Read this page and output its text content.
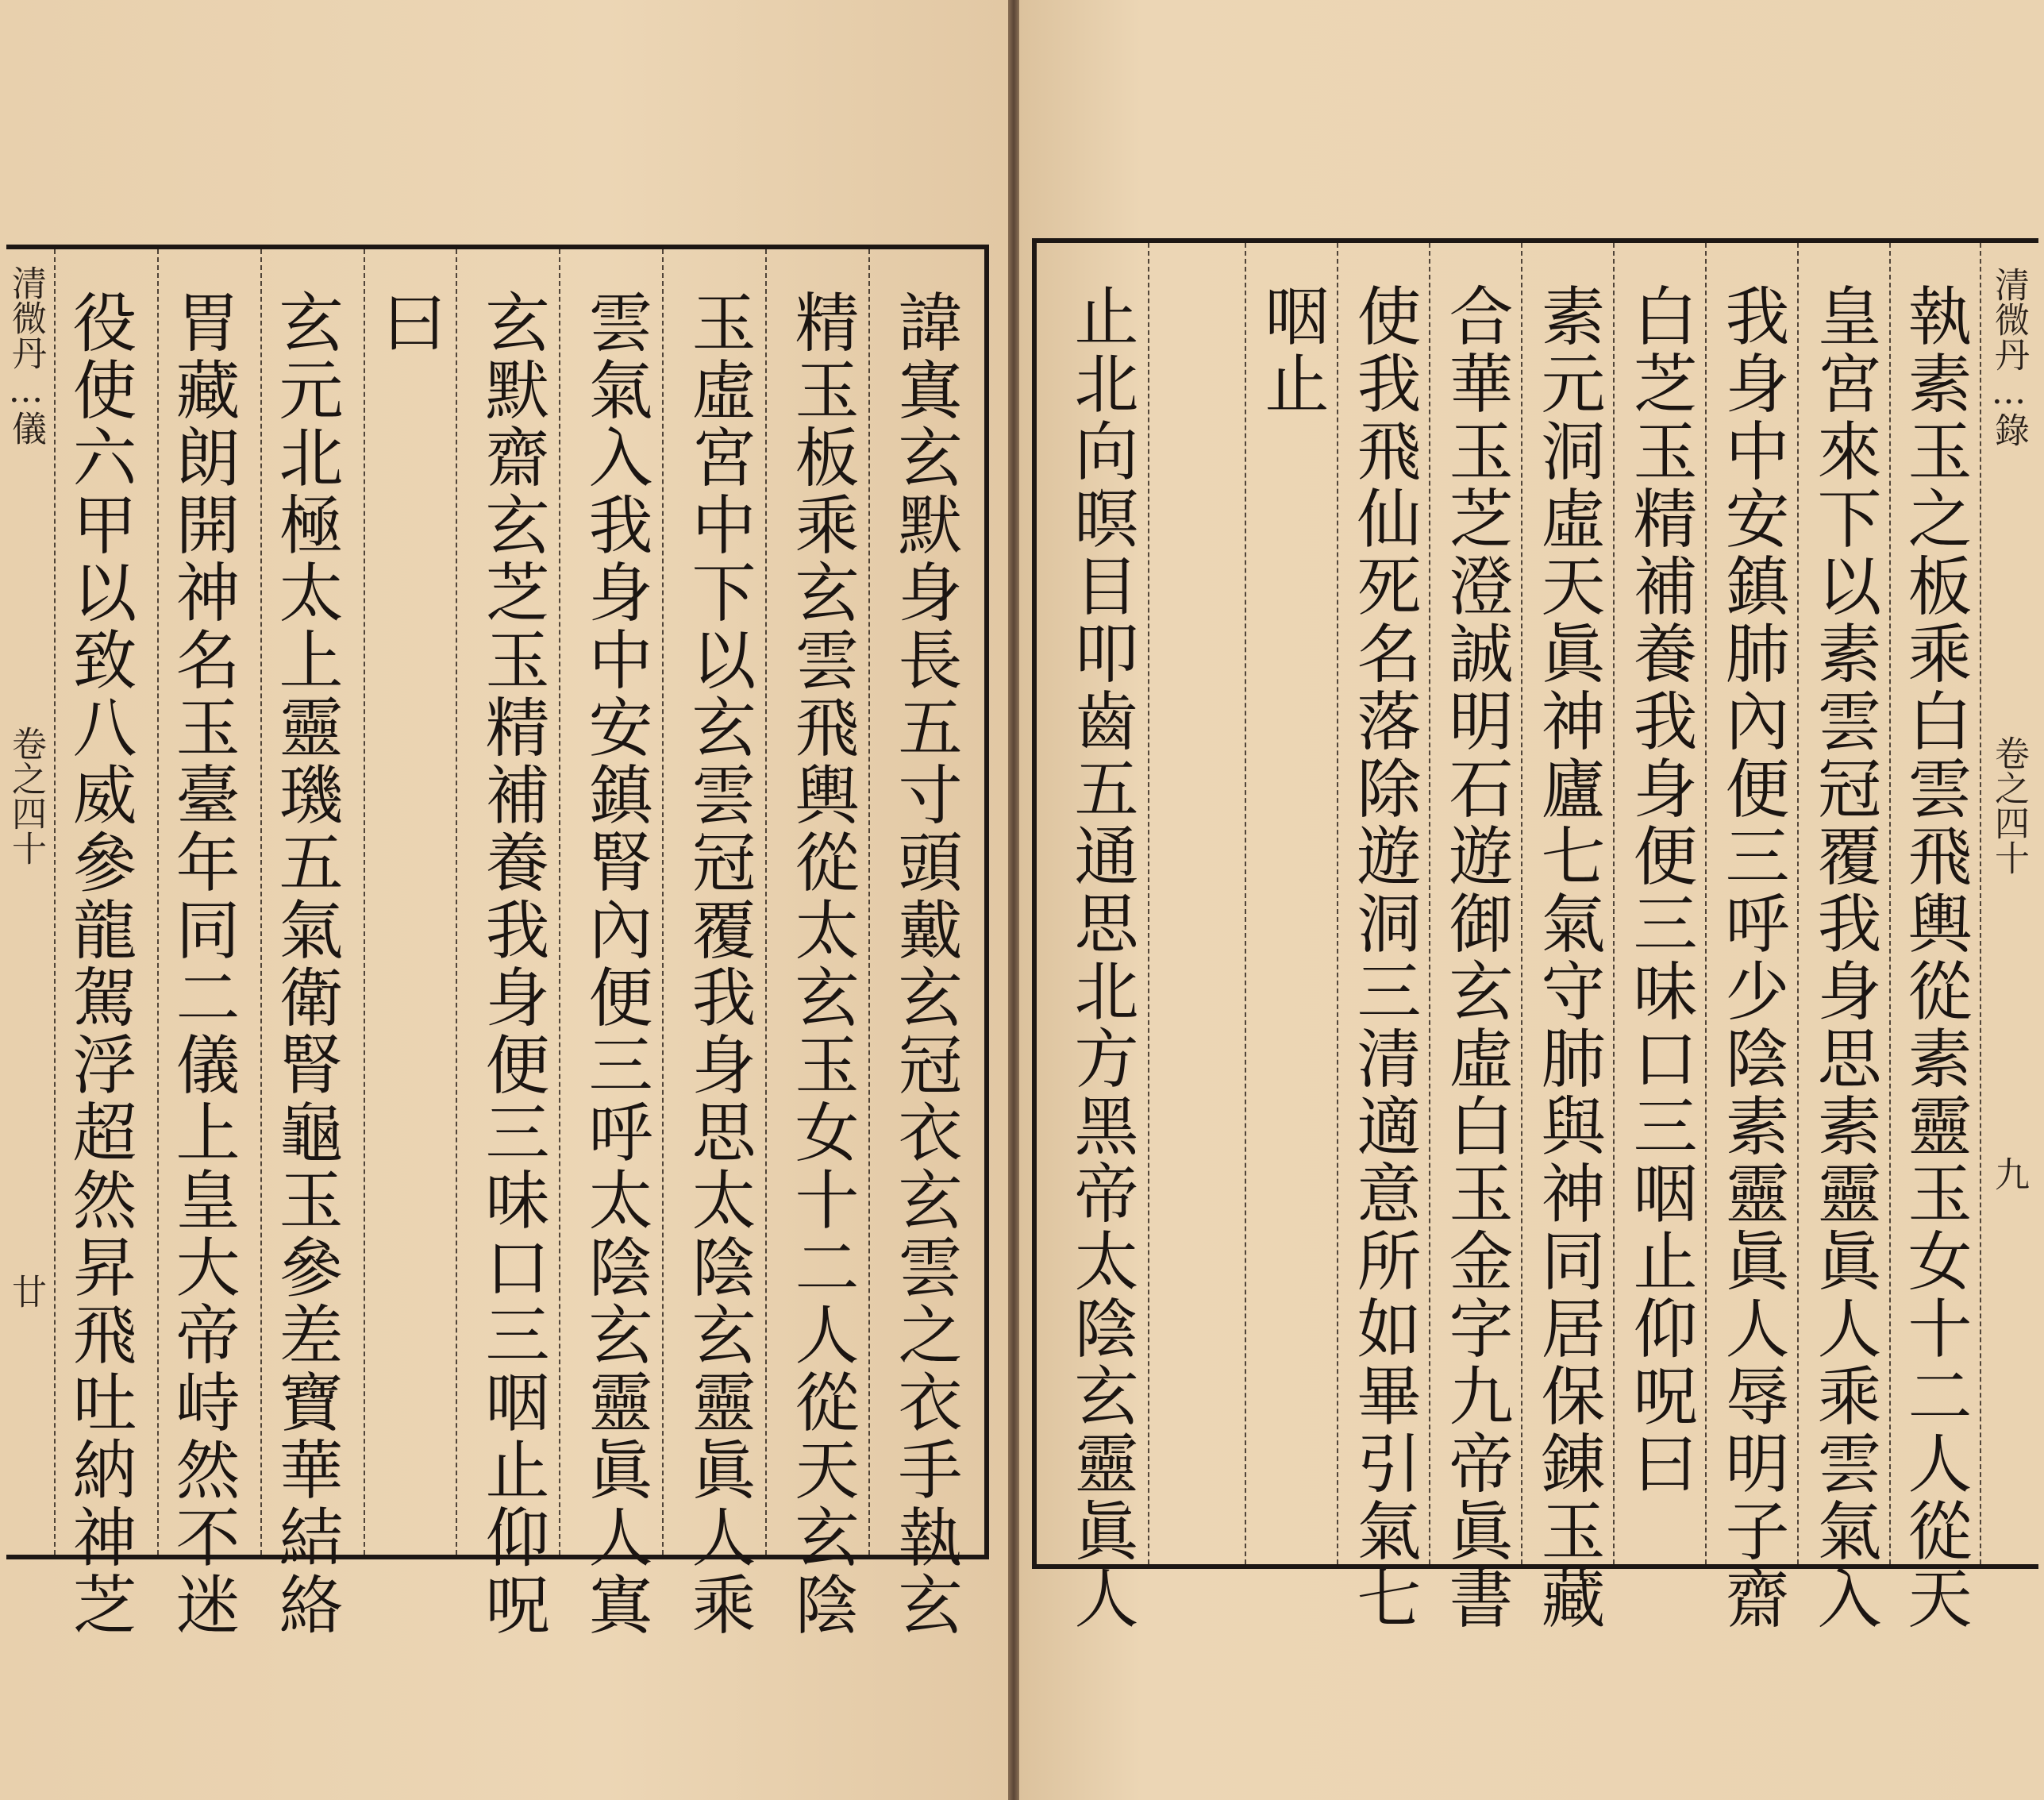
清微丹…錄
卷之四十
九
執素玉之板乘白雲飛輿從素靈玉女十二人從天
皇宮來下以素雲冠覆我身思素靈眞人乘雲氣入
我身中安鎮肺內便三呼少陰素靈眞人辱明子齋
白芝玉精補養我身便三味口三咽止仰呪曰
素元洞虛天眞神廬七氣守肺與神同居保錬玉藏
合華玉芝澄誠明石遊御玄虛白玉金字九帝眞書
使我飛仙死名落除遊洞三清適意所如畢引氣七
咽止
止北向暝目叩齒五通思北方黑帝太陰玄靈眞人
清微丹…儀
卷之四十
廿	諱寘玄默身長五寸頭戴玄冠衣玄雲之衣手執玄
精玉板乘玄雲飛輿從太玄玉女十二人從天玄陰
玉虛宮中下以玄雲冠覆我身思太陰玄靈眞人乘
雲氣入我身中安鎮腎內便三呼太陰玄靈眞人寘
玄默齋玄芝玉精補養我身便三味口三咽止仰呪
曰
玄元北極太上靈璣五氣衛腎龜玉參差寶華結絡
胃藏朗開神名玉臺年同二儀上皇大帝峙然不迷
役使六甲以致八威參龍駕浮超然昇飛吐納神芝
